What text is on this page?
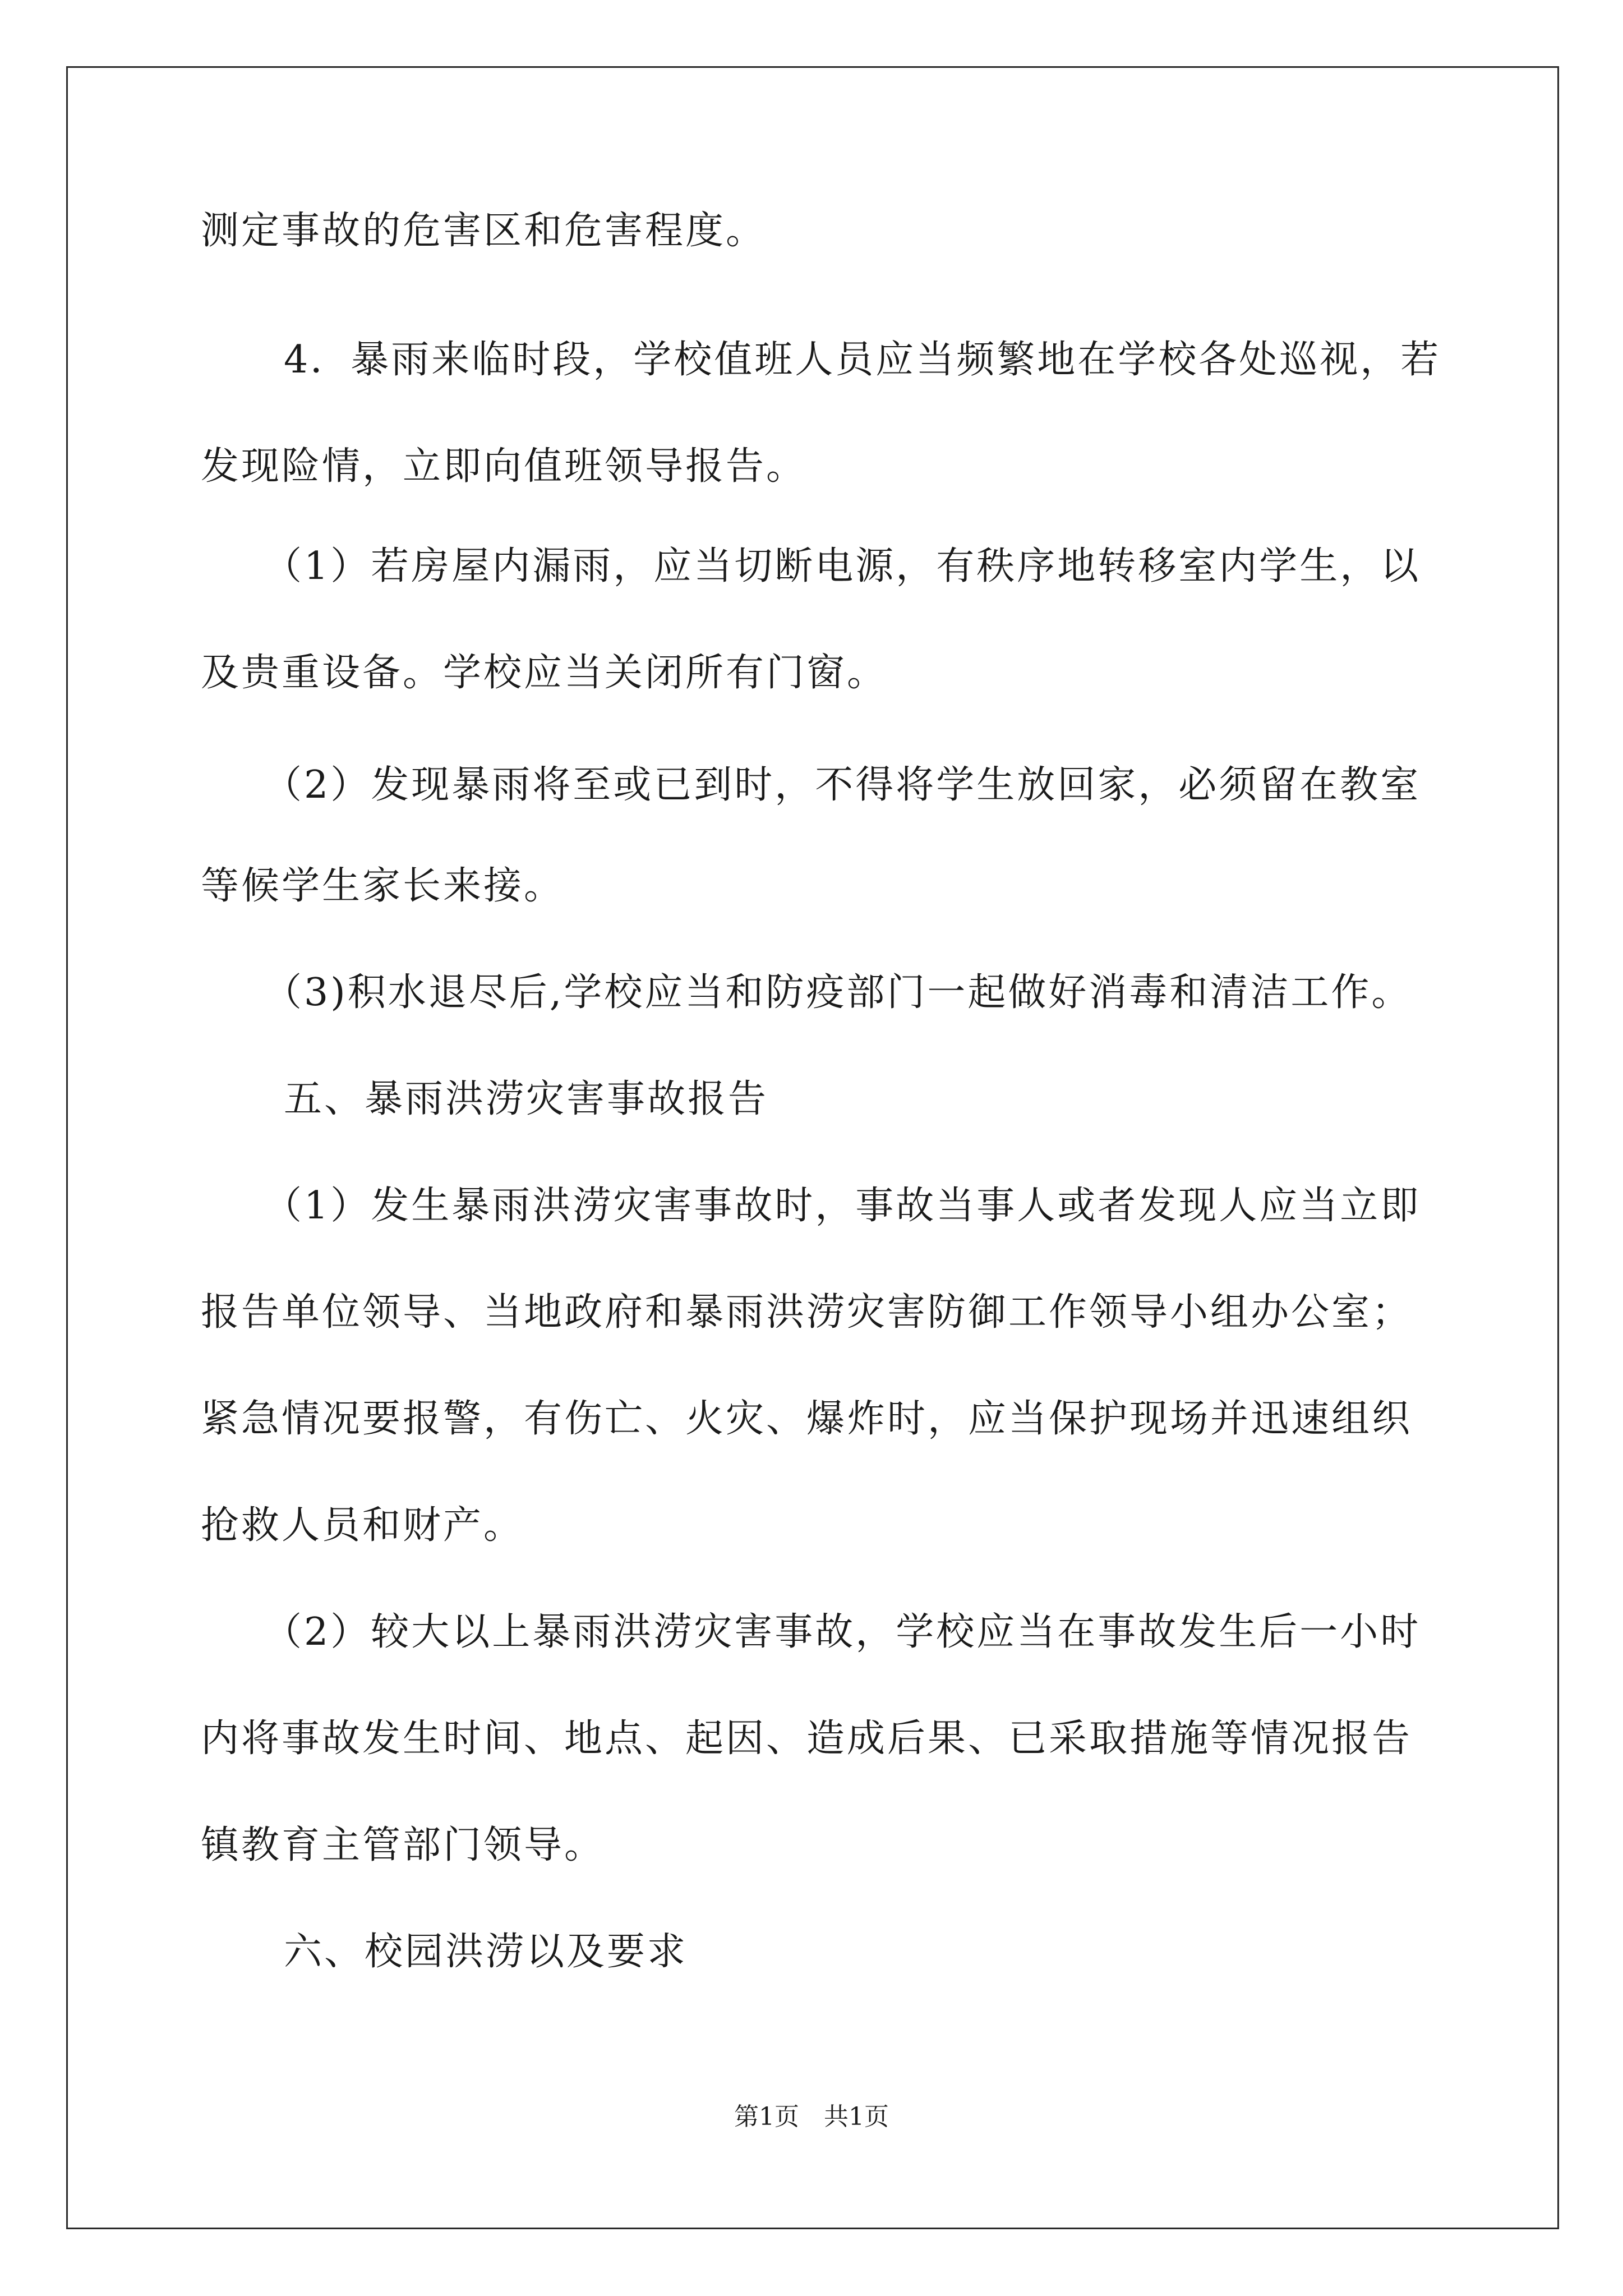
测定事故的危害区和危害程度。
4．暴雨来临时段，学校值班人员应当频繁地在学校各处巡视，若
发现险情，立即向值班领导报告。
（1）若房屋内漏雨，应当切断电源，有秩序地转移室内学生，以
及贵重设备。学校应当关闭所有门窗。
（2）发现暴雨将至或已到时，不得将学生放回家，必须留在教室
等候学生家长来接。
（3)积水退尽后,学校应当和防疫部门一起做好消毒和清洁工作。
五、暴雨洪涝灾害事故报告
（1）发生暴雨洪涝灾害事故时，事故当事人或者发现人应当立即
报告单位领导、当地政府和暴雨洪涝灾害防御工作领导小组办公室；
紧急情况要报警，有伤亡、火灾、爆炸时，应当保护现场并迅速组织
抢救人员和财产。
（2）较大以上暴雨洪涝灾害事故，学校应当在事故发生后一小时
内将事故发生时间、地点、起因、造成后果、已采取措施等情况报告
镇教育主管部门领导。
六、校园洪涝以及要求
第1页　共1页
